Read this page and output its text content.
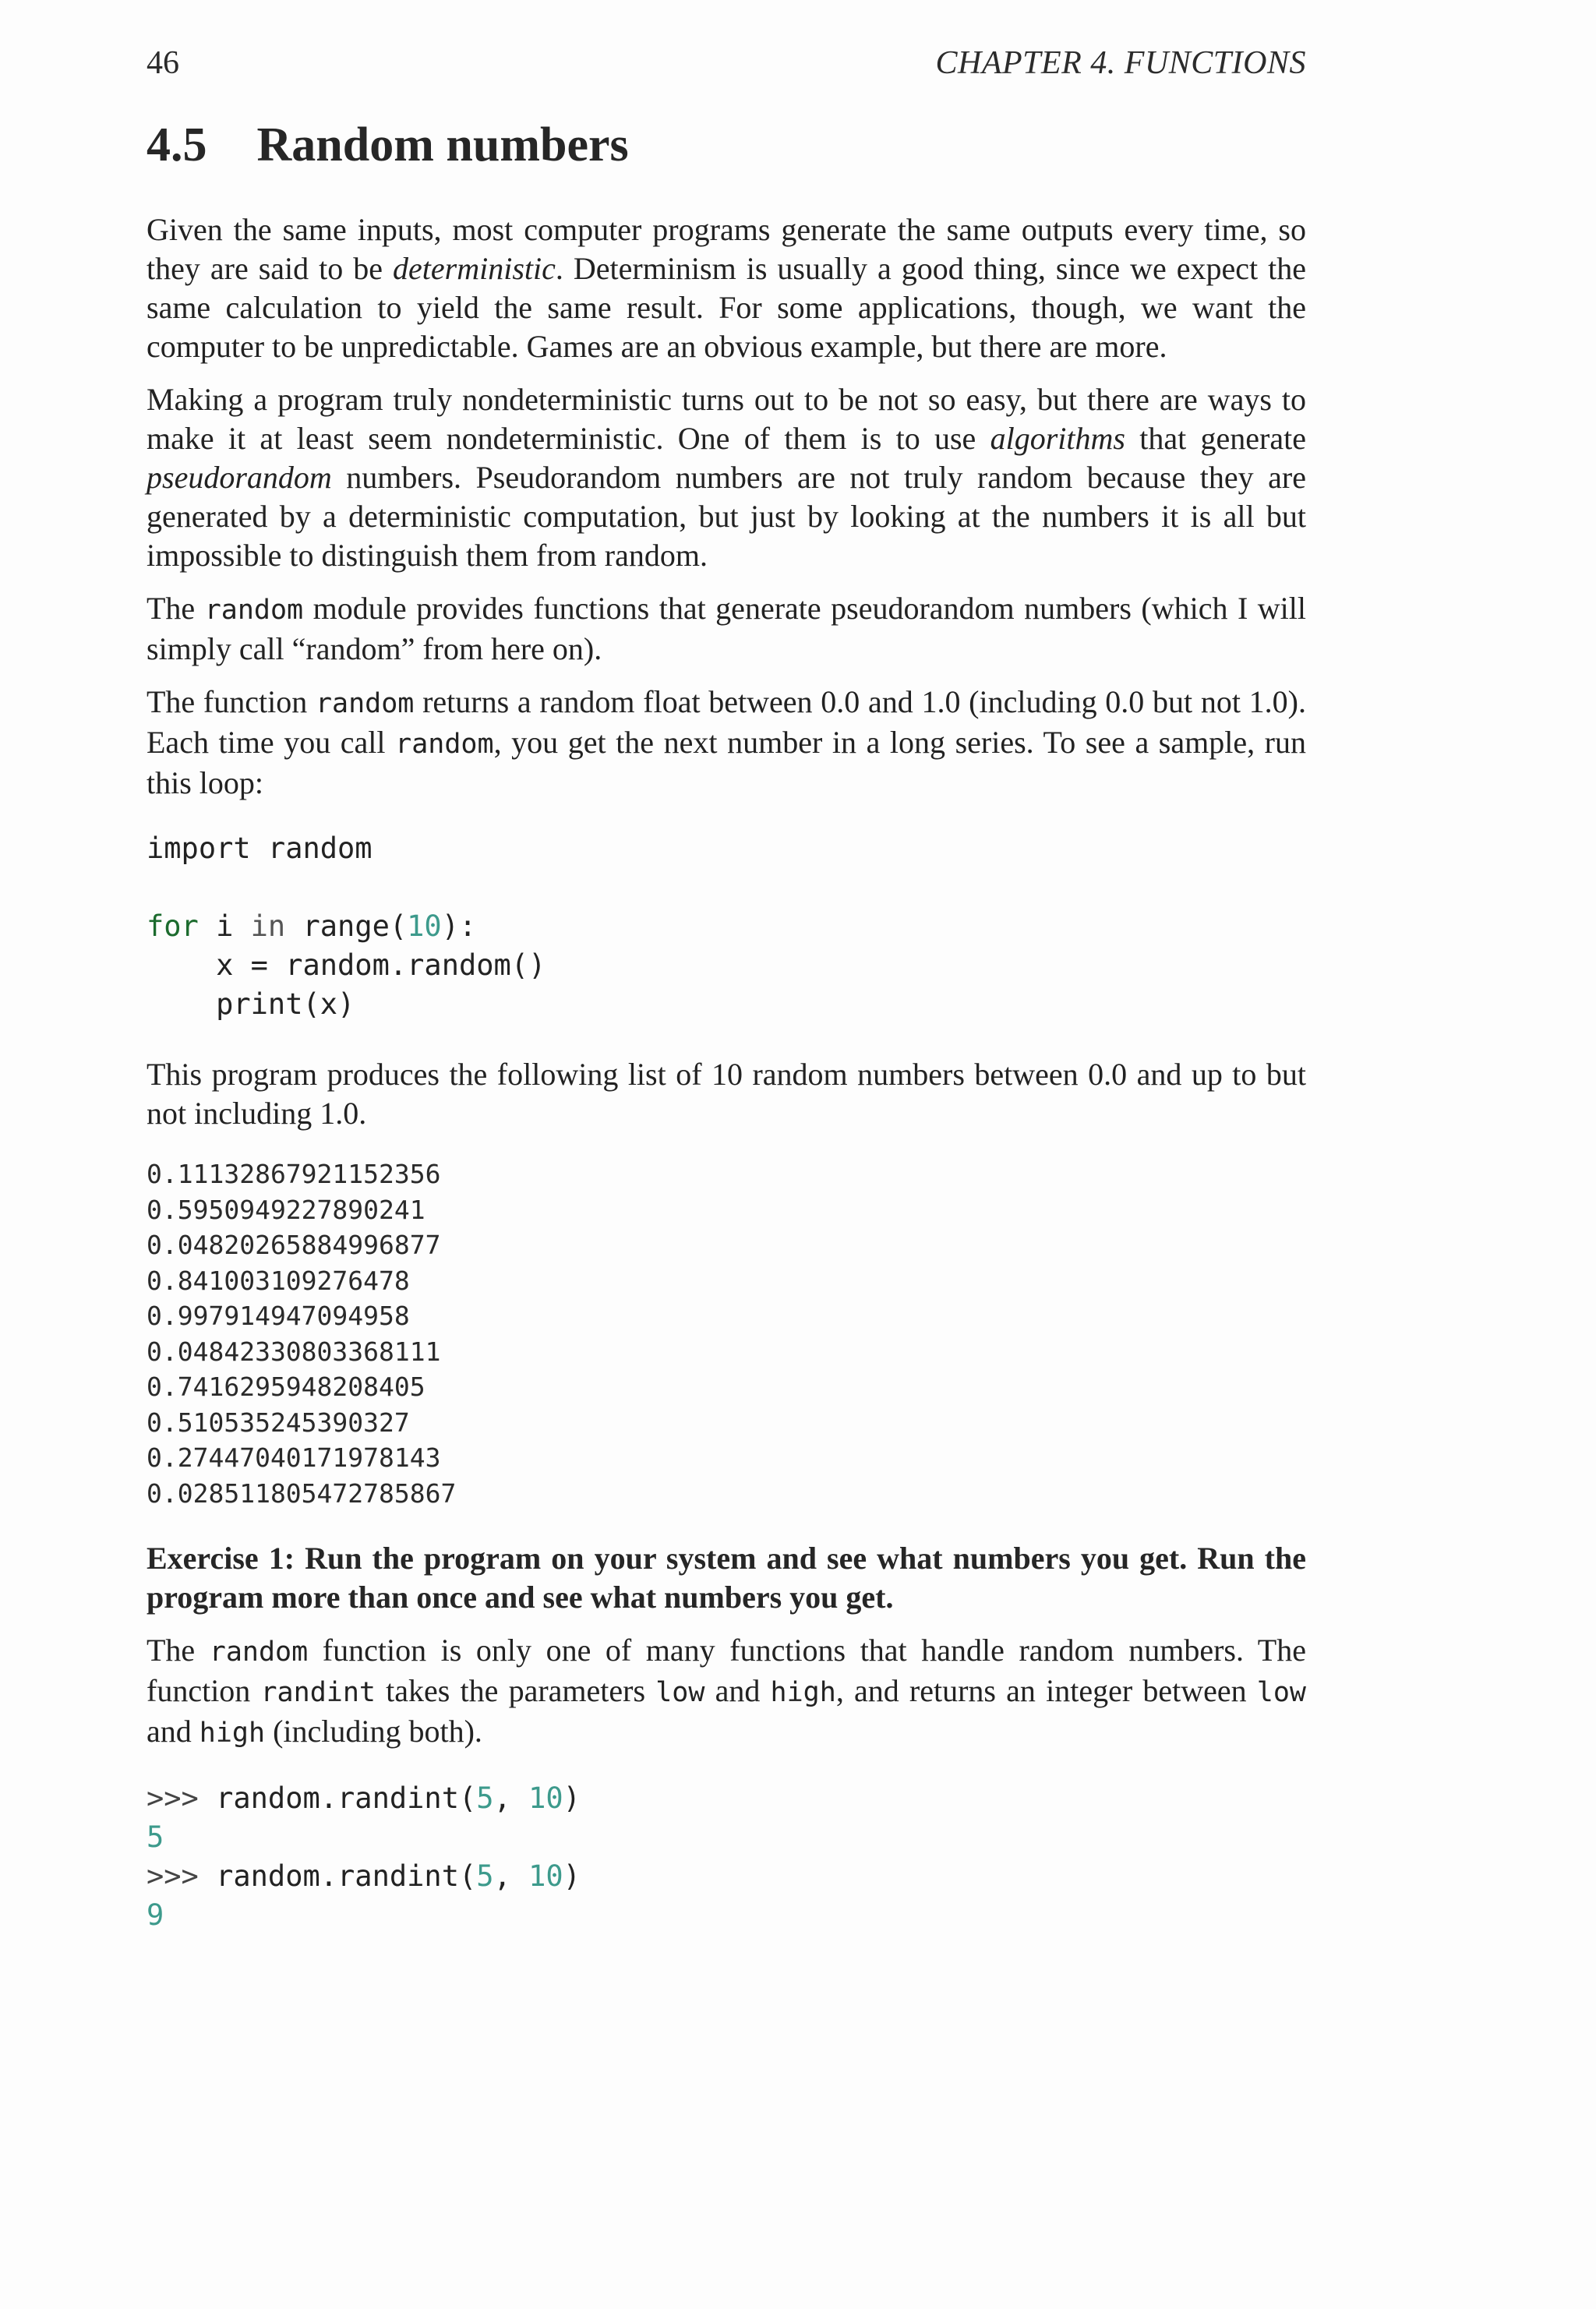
46	CHAPTER 4. FUNCTIONS
4.5 Random numbers

Given the same inputs, most computer programs generate the same outputs every time, so they are said to be deterministic. Determinism is usually a good thing, since we expect the same calculation to yield the same result. For some applications, though, we want the computer to be unpredictable. Games are an obvious example, but there are more.

Making a program truly nondeterministic turns out to be not so easy, but there are ways to make it at least seem nondeterministic. One of them is to use algorithms that generate pseudorandom numbers. Pseudorandom numbers are not truly random because they are generated by a deterministic computation, but just by looking at the numbers it is all but impossible to distinguish them from random.

The random module provides functions that generate pseudorandom numbers (which I will simply call “random” from here on).

The function random returns a random float between 0.0 and 1.0 (including 0.0 but not 1.0). Each time you call random, you get the next number in a long series. To see a sample, run this loop:

import random

for i in range(10):
x = random.random()
print(x)

This program produces the following list of 10 random numbers between 0.0 and up to but not including 1.0.

0.11132867921152356
0.5950949227890241
0.04820265884996877
0.841003109276478
0.997914947094958
0.04842330803368111
0.7416295948208405
0.510535245390327
0.27447040171978143
0.028511805472785867

Exercise 1: Run the program on your system and see what numbers you get. Run the program more than once and see what numbers you get.

The random function is only one of many functions that handle random numbers. The function randint takes the parameters low and high, and returns an integer between low and high (including both).

>>> random.randint(5, 10)
5
>>> random.randint(5, 10)
9
